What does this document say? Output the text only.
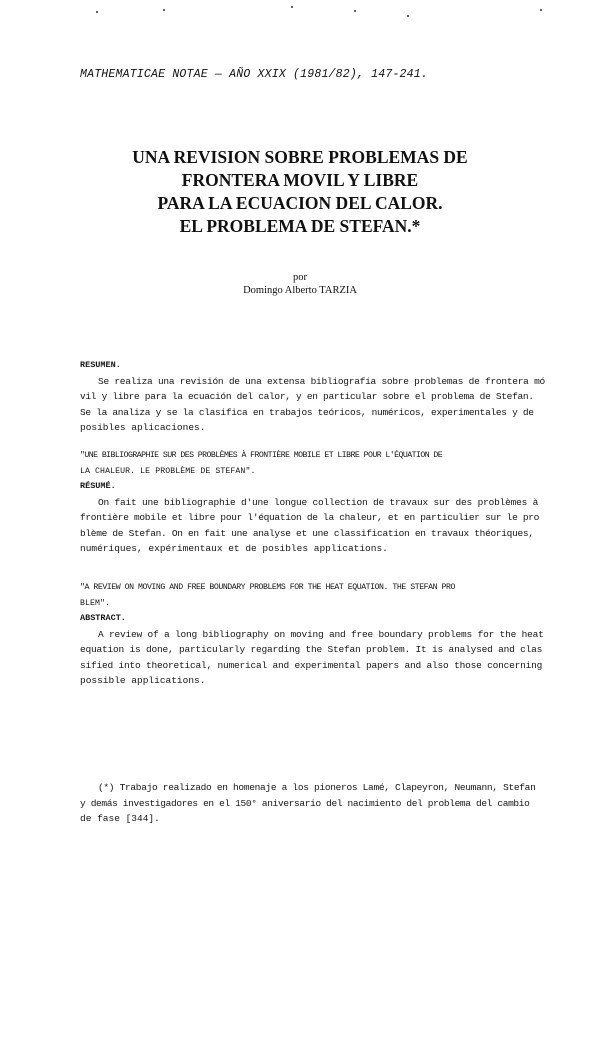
MATHEMATICAE NOTAE — AÑO XXIX (1981/82), 147-241.
UNA REVISION SOBRE PROBLEMAS DE
FRONTERA MOVIL Y LIBRE
PARA LA ECUACION DEL CALOR.
EL PROBLEMA DE STEFAN.*
por
Domingo Alberto TARZIA
RESUMEN.
Se realiza una revisión de una extensa bibliografía sobre problemas de frontera mó
vil y libre para la ecuación del calor, y en particular sobre el problema de Stefan.
Se la analiza y se la clasifica en trabajos teóricos, numéricos, experimentales y de
posibles aplicaciones.
"UNE BIBLIOGRAPHIE SUR DES PROBLÈMES À FRONTIÈRE MOBILE ET LIBRE POUR L'ÉQUATION DE
LA CHALEUR. LE PROBLÈME DE STEFAN".
RÉSUMÉ.
On fait une bibliographie d'une longue collection de travaux sur des problèmes à
frontière mobile et libre pour l'équation de la chaleur, et en particulier sur le pro
blème de Stefan. On en fait une analyse et une classification en travaux théoriques,
numériques, expérimentaux et de posibles applications.
"A REVIEW ON MOVING AND FREE BOUNDARY PROBLEMS FOR THE HEAT EQUATION. THE STEFAN PRO
BLEM".
ABSTRACT.
A review of a long bibliography on moving and free boundary problems for the heat
equation is done, particularly regarding the Stefan problem. It is analysed and clas
sified into theoretical, numerical and experimental papers and also those concerning
possible applications.
(*) Trabajo realizado en homenaje a los pioneros Lamé, Clapeyron, Neumann, Stefan
y demás investigadores en el 150° aniversario del nacimiento del problema del cambio
de fase [344].
